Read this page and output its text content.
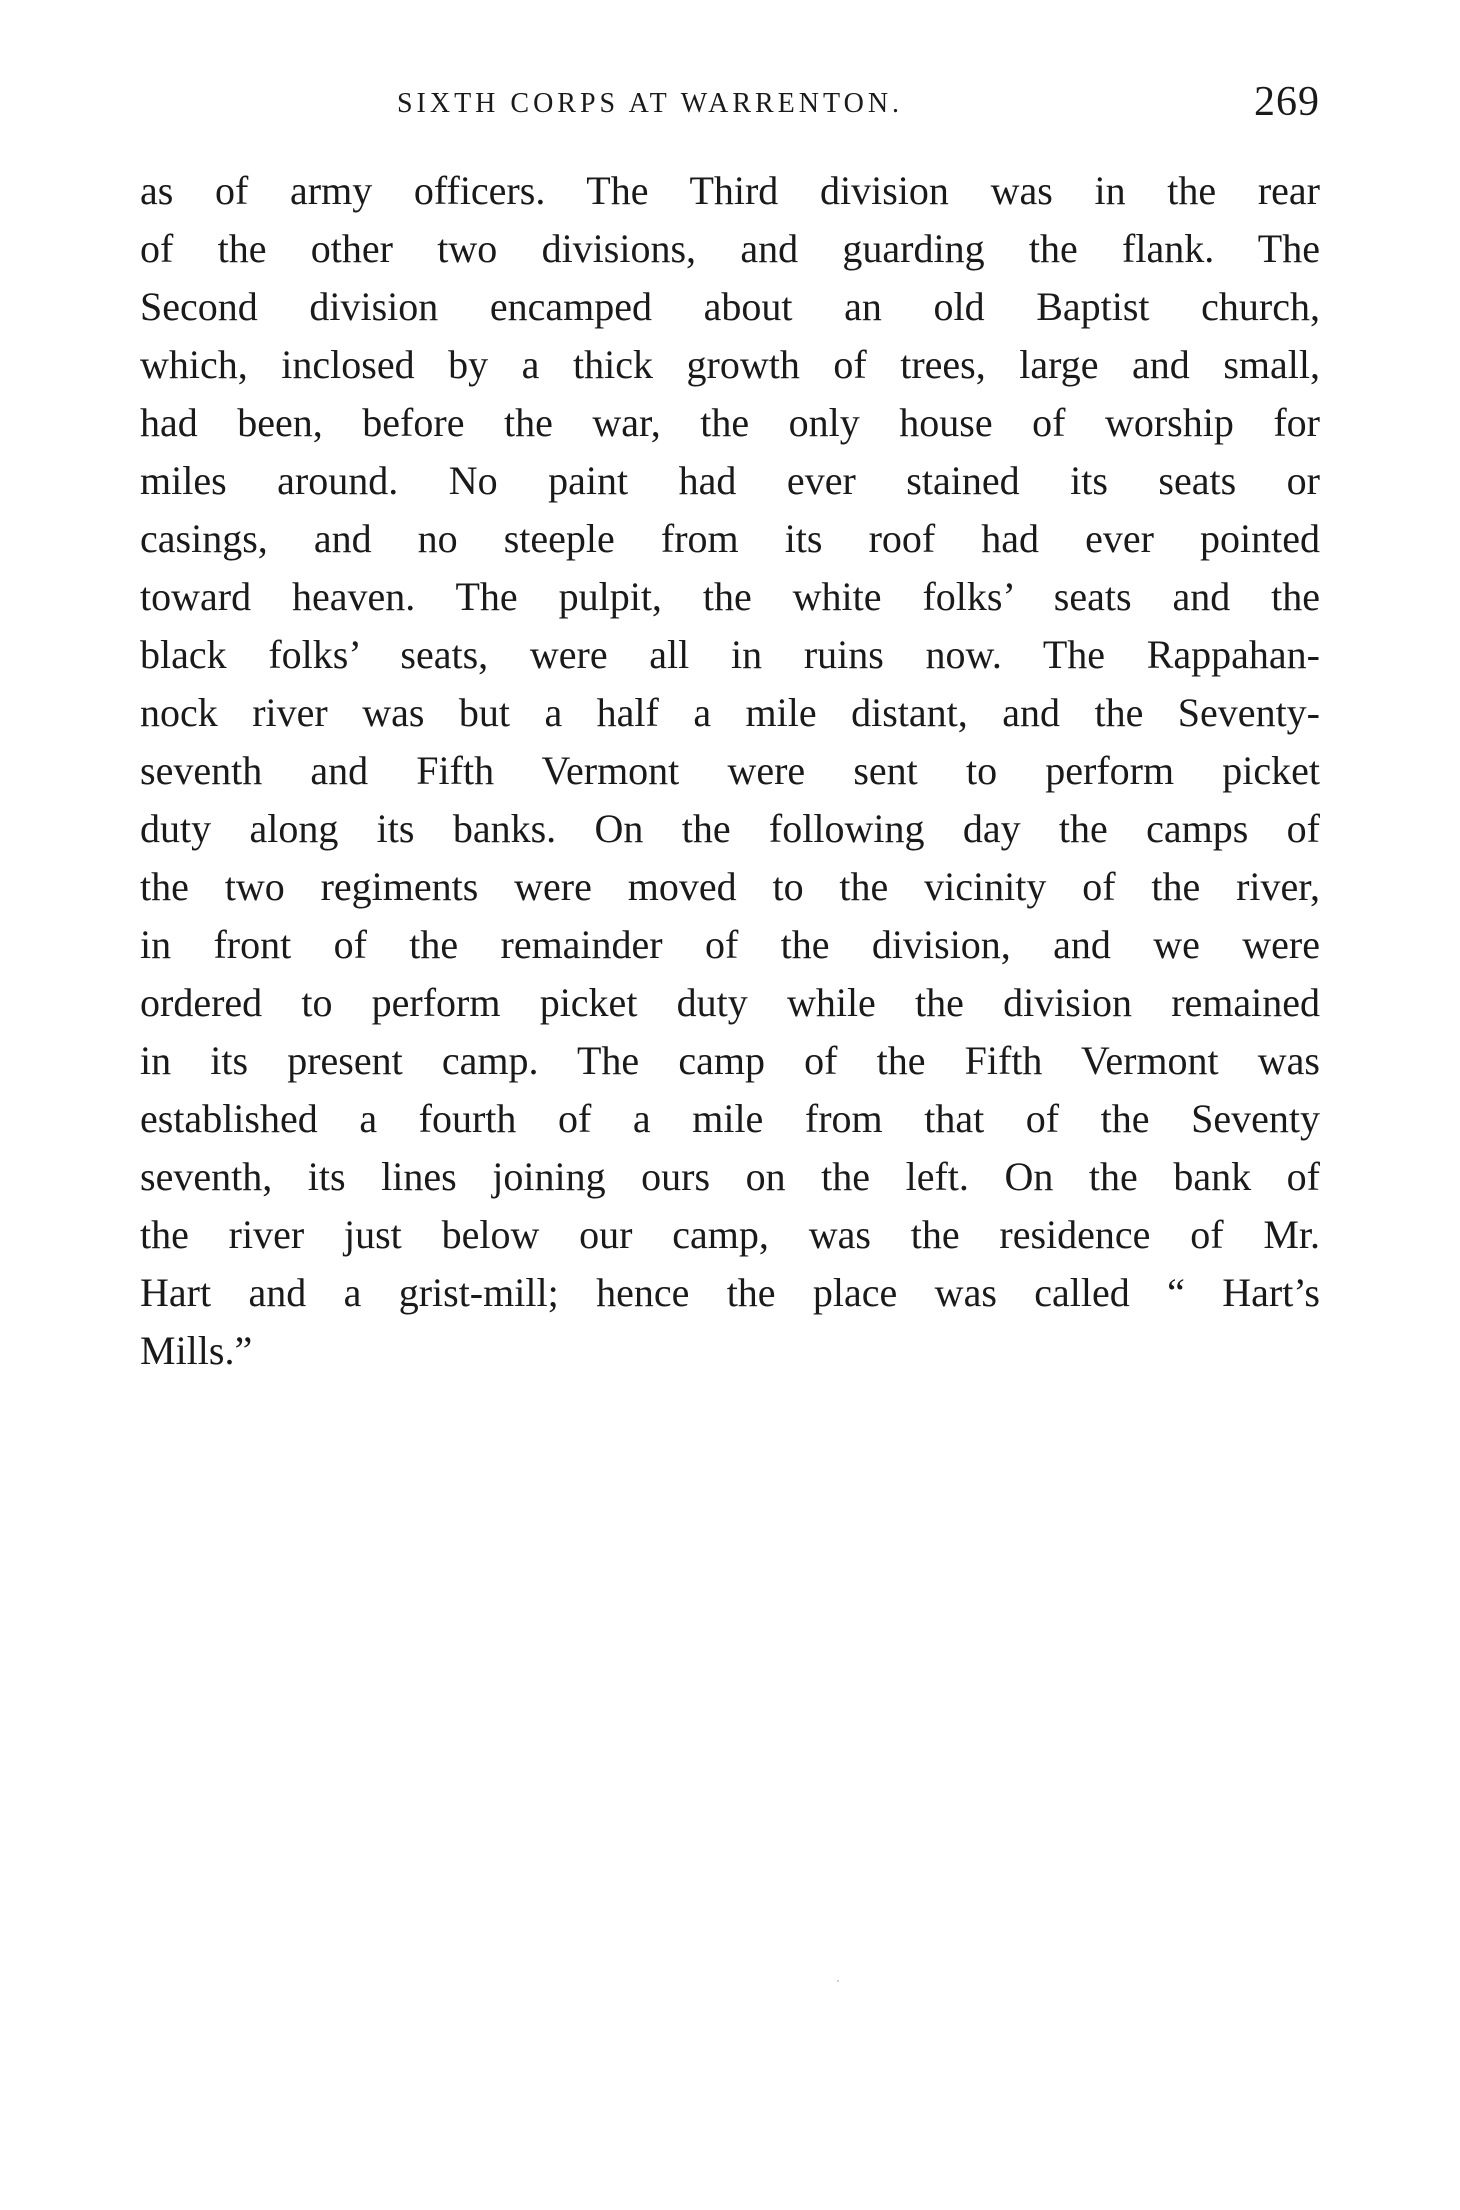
SIXTH CORPS AT WARRENTON.	269
as of army officers. The Third division was in the rear
of the other two divisions, and guarding the flank. The
Second division encamped about an old Baptist church,
which, inclosed by a thick growth of trees, large and small,
had been, before the war, the only house of worship for
miles around. No paint had ever stained its seats or
casings, and no steeple from its roof had ever pointed
toward heaven. The pulpit, the white folks’ seats and the
black folks’ seats, were all in ruins now. The Rappahan-
nock river was but a half a mile distant, and the Seventy-
seventh and Fifth Vermont were sent to perform picket
duty along its banks. On the following day the camps of
the two regiments were moved to the vicinity of the river,
in front of the remainder of the division, and we were
ordered to perform picket duty while the division remained
in its present camp. The camp of the Fifth Vermont was
established a fourth of a mile from that of the Seventy
seventh, its lines joining ours on the left. On the bank of
the river just below our camp, was the residence of Mr.
Hart and a grist-mill; hence the place was called “ Hart’s
Mills.”
